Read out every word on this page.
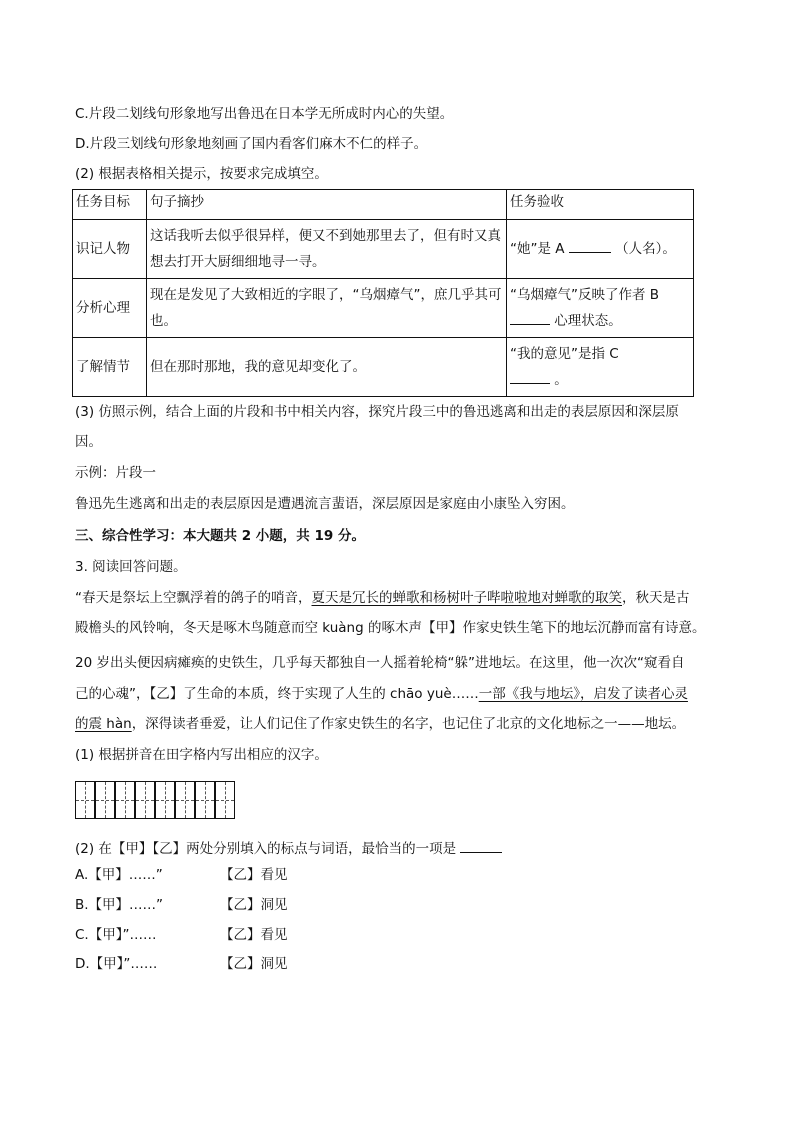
C.片段二划线句形象地写出鲁迅在日本学无所成时内心的失望。
D.片段三划线句形象地刻画了国内看客们麻木不仁的样子。
(2) 根据表格相关提示，按要求完成填空。
任务目标	句子摘抄	任务验收
识记人物	这话我听去似乎很异样，便又不到她那里去了，但有时又真想去打开大厨细细地寻一寻。	“她”是 A （人名）。
分析心理	现在是发见了大致相近的字眼了，“乌烟瘴气”，庶几乎其可也。	“乌烟瘴气”反映了作者 B
心理状态。
了解情节	但在那时那地，我的意见却变化了。	“我的意见”是指 C
。
(3) 仿照示例，结合上面的片段和书中相关内容，探究片段三中的鲁迅逃离和出走的表层原因和深层原
因。
示例：片段一
鲁迅先生逃离和出走的表层原因是遭遇流言蜚语，深层原因是家庭由小康坠入穷困。
三、综合性学习：本大题共 2 小题，共 19 分。
3. 阅读回答问题。
“春天是祭坛上空飘浮着的鸽子的哨音，夏天是冗长的蝉歌和杨树叶子哔啦啦地对蝉歌的取笑，秋天是古
殿檐头的风铃响，冬天是啄木鸟随意而空 kuàng 的啄木声【甲】作家史铁生笔下的地坛沉静而富有诗意。
20 岁出头便因病瘫痪的史铁生，几乎每天都独自一人摇着轮椅“躲”进地坛。在这里，他一次次“窥看自
己的心魂”，【乙】了生命的本质，终于实现了人生的 chāo yuè……一部《我与地坛》，启发了读者心灵
的震 hàn，深得读者垂爱，让人们记住了作家史铁生的名字，也记住了北京的文化地标之一——地坛。
(1) 根据拼音在田字格内写出相应的汉字。
(2) 在【甲】【乙】两处分别填入的标点与词语，最恰当的一项是
A.【甲】……”	【乙】看见
B.【甲】……”	【乙】洞见
C.【甲】”……	【乙】看见
D.【甲】”……	【乙】洞见
